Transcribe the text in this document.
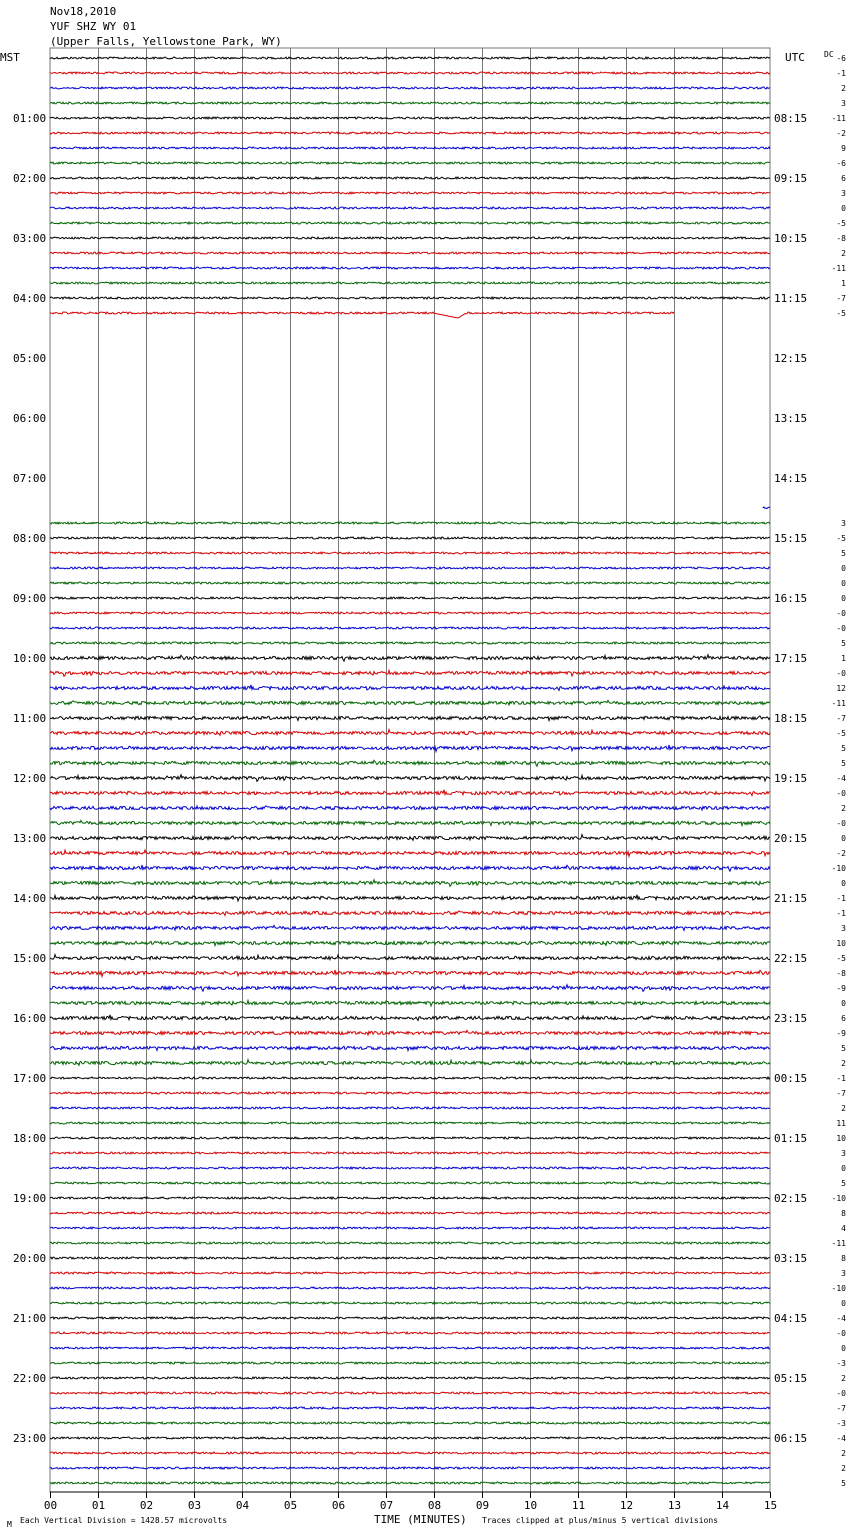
Nov18,2010
YUF SHZ WY 01
(Upper Falls, Yellowstone Park, WY)
MST	UTC DC
01:00	08:15
02:00	09:15
03:00	10:15
04:00	11:15
05:00	12:15
06:00	13:15
07:00	14:15
08:00	15:15
09:00	16:15
10:00	17:15
11:00	18:15
12:00	19:15
13:00	20:15
14:00	21:15
15:00	22:15
16:00	23:15
17:00	00:15
18:00	01:15
19:00	02:15
20:00	03:15
21:00	04:15
22:00	05:15
23:00	06:15
-6
-1
2
3
-11
-2
9
-6
6
3
0
-5
-8
2
-11
1
-7
-5
3
-5
5
0
0
0
-0
-0
5
1
-0
12
-11
-7
-5
5
5
-4
-0
2
-0
0
-2
-10
0
-1
-1
3
10
-5
-8
-9
0
6
-9
5
2
-1
-7
2
11
10
3
0
5
-10
8
4
-11
8
3
-10
0
-4
-0
0
-3
2
-0
-7
-3
-4
2
2
5
00	01	02	03	04	05	06	07	08	09	10	11	12	13	14	15
M Each Vertical Division = 1428.57 microvolts	TIME (MINUTES) Traces clipped at plus/minus 5 vertical divisions
